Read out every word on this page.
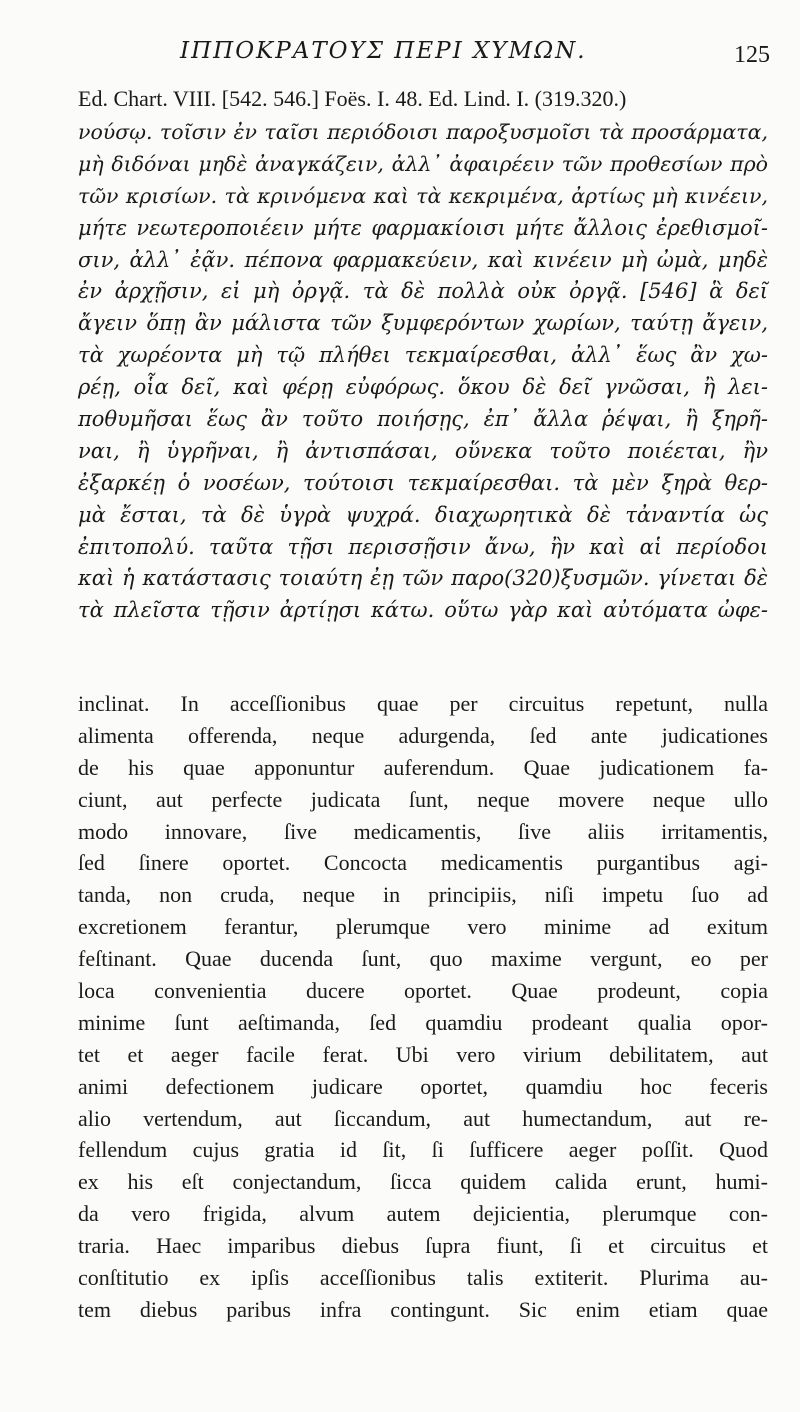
ΙΠΠΟΚΡΑΤΟΥΣ ΠΕΡΙ ΧΥΜΩΝ.	125
Ed. Chart. VIII. [542. 546.] Foës. I. 48. Ed. Lind. I. (319.320.)
νούσῳ. τοῖσιν ἐν ταῖσι περιόδοισι παροξυσμοῖσι τὰ προσάρματα,
μὴ διδόναι μηδὲ ἀναγκάζειν, ἀλλ᾽ ἀφαιρέειν τῶν προθεσίων πρὸ
τῶν κρισίων. τὰ κρινόμενα καὶ τὰ κεκριμένα, ἀρτίως μὴ κινέειν,
μήτε νεωτεροποιέειν μήτε φαρμακίοισι μήτε ἄλλοις ἐρεθισμοῖ-
σιν, ἀλλ᾽ ἐᾷν. πέπονα φαρμακεύειν, καὶ κινέειν μὴ ὠμὰ, μηδὲ
ἐν ἀρχῇσιν, εἰ μὴ ὀργᾷ. τὰ δὲ πολλὰ οὐκ ὀργᾷ. [546] ἃ δεῖ
ἄγειν ὅπῃ ἂν μάλιστα τῶν ξυμφερόντων χωρίων, ταύτῃ ἄγειν,
τὰ χωρέοντα μὴ τῷ πλήθει τεκμαίρεσθαι, ἀλλ᾽ ἕως ἂν χω-
ρέῃ, οἷα δεῖ, καὶ φέρῃ εὐφόρως. ὅκου δὲ δεῖ γνῶσαι, ἢ λει-
ποθυμῆσαι ἕως ἂν τοῦτο ποιήσῃς, ἐπ᾽ ἄλλα ῥέψαι, ἢ ξηρῆ-
ναι, ἢ ὑγρῆναι, ἢ ἀντισπάσαι, οὕνεκα τοῦτο ποιέεται, ἢν
ἐξαρκέῃ ὁ νοσέων, τούτοισι τεκμαίρεσθαι. τὰ μὲν ξηρὰ θερ-
μὰ ἔσται, τὰ δὲ ὑγρὰ ψυχρά. διαχωρητικὰ δὲ τἀναντία ὡς
ἐπιτοπολύ. ταῦτα τῇσι περισσῇσιν ἄνω, ἢν καὶ αἱ περίοδοι
καὶ ἡ κατάστασις τοιαύτη ἐῃ τῶν παρο(320)ξυσμῶν. γίνεται δὲ
τὰ πλεῖστα τῇσιν ἀρτίῃσι κάτω. οὕτω γὰρ καὶ αὐτόματα ὠφε-
inclinat. In acceſſionibus quae per circuitus repetunt, nulla
alimenta offerenda, neque adurgenda, ſed ante judicationes
de his quae apponuntur auferendum. Quae judicationem fa-
ciunt, aut perfecte judicata ſunt, neque movere neque ullo
modo innovare, ſive medicamentis, ſive aliis irritamentis,
ſed ſinere oportet. Concocta medicamentis purgantibus agi-
tanda, non cruda, neque in principiis, niſi impetu ſuo ad
excretionem ferantur, plerumque vero minime ad exitum
feſtinant. Quae ducenda ſunt, quo maxime vergunt, eo per
loca convenientia ducere oportet. Quae prodeunt, copia
minime ſunt aeſtimanda, ſed quamdiu prodeant qualia opor-
tet et aeger facile ferat. Ubi vero virium debilitatem, aut
animi defectionem judicare oportet, quamdiu hoc feceris
alio vertendum, aut ſiccandum, aut humectandum, aut re-
fellendum cujus gratia id ſit, ſi ſufficere aeger poſſit. Quod
ex his eſt conjectandum, ſicca quidem calida erunt, humi-
da vero frigida, alvum autem dejicientia, plerumque con-
traria. Haec imparibus diebus ſupra fiunt, ſi et circuitus et
conſtitutio ex ipſis acceſſionibus talis extiterit. Plurima au-
tem diebus paribus infra contingunt. Sic enim etiam quae
